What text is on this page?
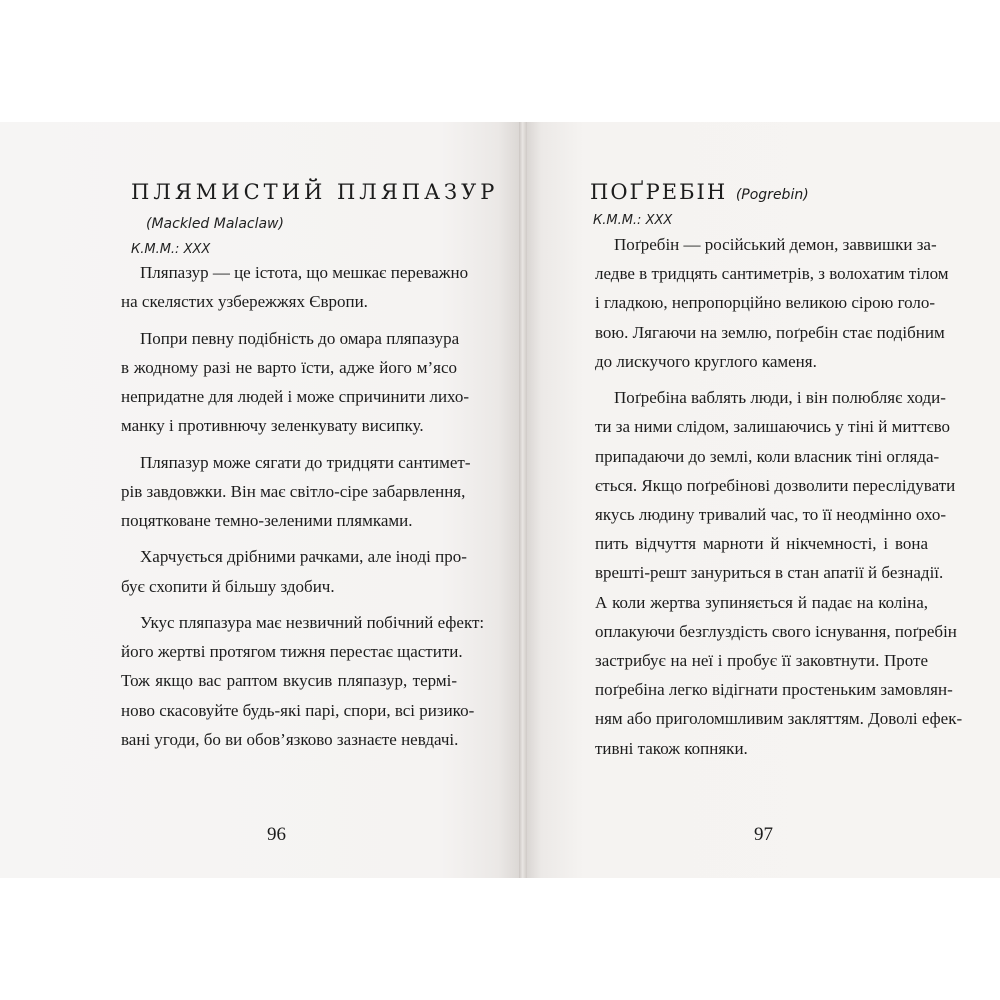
ПЛЯМИСТИЙ ПЛЯПАЗУР
(Mackled Malaclaw)
К.М.М.: XXX
Пляпазур — це істота, що мешкає переважно
на скелястих узбережжях Європи.
Попри певну подібність до омара пляпазура
в жодному разі не варто їсти, адже його м’ясо
непридатне для людей і може спричинити лихо-
манку і противнючу зеленкувату висипку.
Пляпазур може сягати до тридцяти сантимет-
рів завдовжки. Він має світло-сіре забарвлення,
поцятковане темно-зеленими плямками.
Харчується дрібними рачками, але іноді про-
бує схопити й більшу здобич.
Укус пляпазура має незвичний побічний ефект:
його жертві протягом тижня перестає щастити.
Тож якщо вас раптом вкусив пляпазур, термі-
ново скасовуйте будь-які парі, спори, всі ризико-
вані угоди, бо ви обов’язково зазнаєте невдачі.
96
ПОҐРЕБІН (Pogrebin)
К.М.М.: XXX
Поґребін — російський демон, заввишки за-
ледве в тридцять сантиметрів, з волохатим тілом
і гладкою, непропорційно великою сірою голо-
вою. Лягаючи на землю, поґребін стає подібним
до лискучого круглого каменя.
Поґребіна ваблять люди, і він полюбляє ходи-
ти за ними слідом, залишаючись у тіні й миттєво
припадаючи до землі, коли власник тіні огляда-
ється. Якщо поґребінові дозволити переслідувати
якусь людину тривалий час, то її неодмінно охо-
пить відчуття марноти й нікчемності, і вона
врешті-решт зануриться в стан апатії й безнадії.
А коли жертва зупиняється й падає на коліна,
оплакуючи безглуздість свого існування, поґребін
застрибує на неї і пробує її заковтнути. Проте
поґребіна легко відігнати простеньким замовлян-
ням або приголомшливим закляттям. Доволі ефек-
тивні також копняки.
97
